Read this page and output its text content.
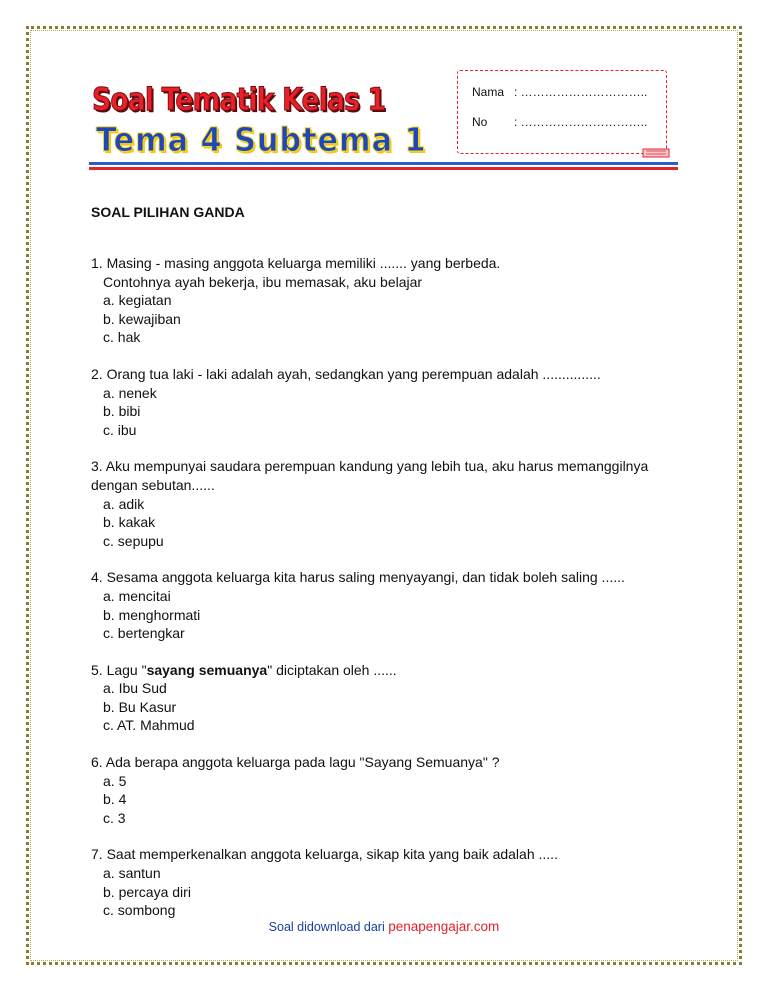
Soal Tematik Kelas 1
Tema 4 Subtema 1
Nama : …………………………..
No : …………………………..
SOAL PILIHAN GANDA
1. Masing - masing anggota keluarga memiliki ....... yang berbeda.
Contohnya ayah bekerja, ibu memasak, aku belajar
a. kegiatan
b. kewajiban
c. hak
2. Orang tua laki - laki adalah ayah, sedangkan yang perempuan adalah ...............
a. nenek
b. bibi
c. ibu
3. Aku mempunyai saudara perempuan kandung yang lebih tua, aku harus memanggilnya
dengan sebutan......
a. adik
b. kakak
c. sepupu
4. Sesama anggota keluarga kita harus saling menyayangi, dan tidak boleh saling ......
a. mencitai
b. menghormati
c. bertengkar
5. Lagu "sayang semuanya" diciptakan oleh ......
a. Ibu Sud
b. Bu Kasur
c. AT. Mahmud
6. Ada berapa anggota keluarga pada lagu "Sayang Semuanya" ?
a. 5
b. 4
c. 3
7. Saat memperkenalkan anggota keluarga, sikap kita yang baik adalah .....
a. santun
b. percaya diri
c. sombong
Soal didownload dari penapengajar.com
